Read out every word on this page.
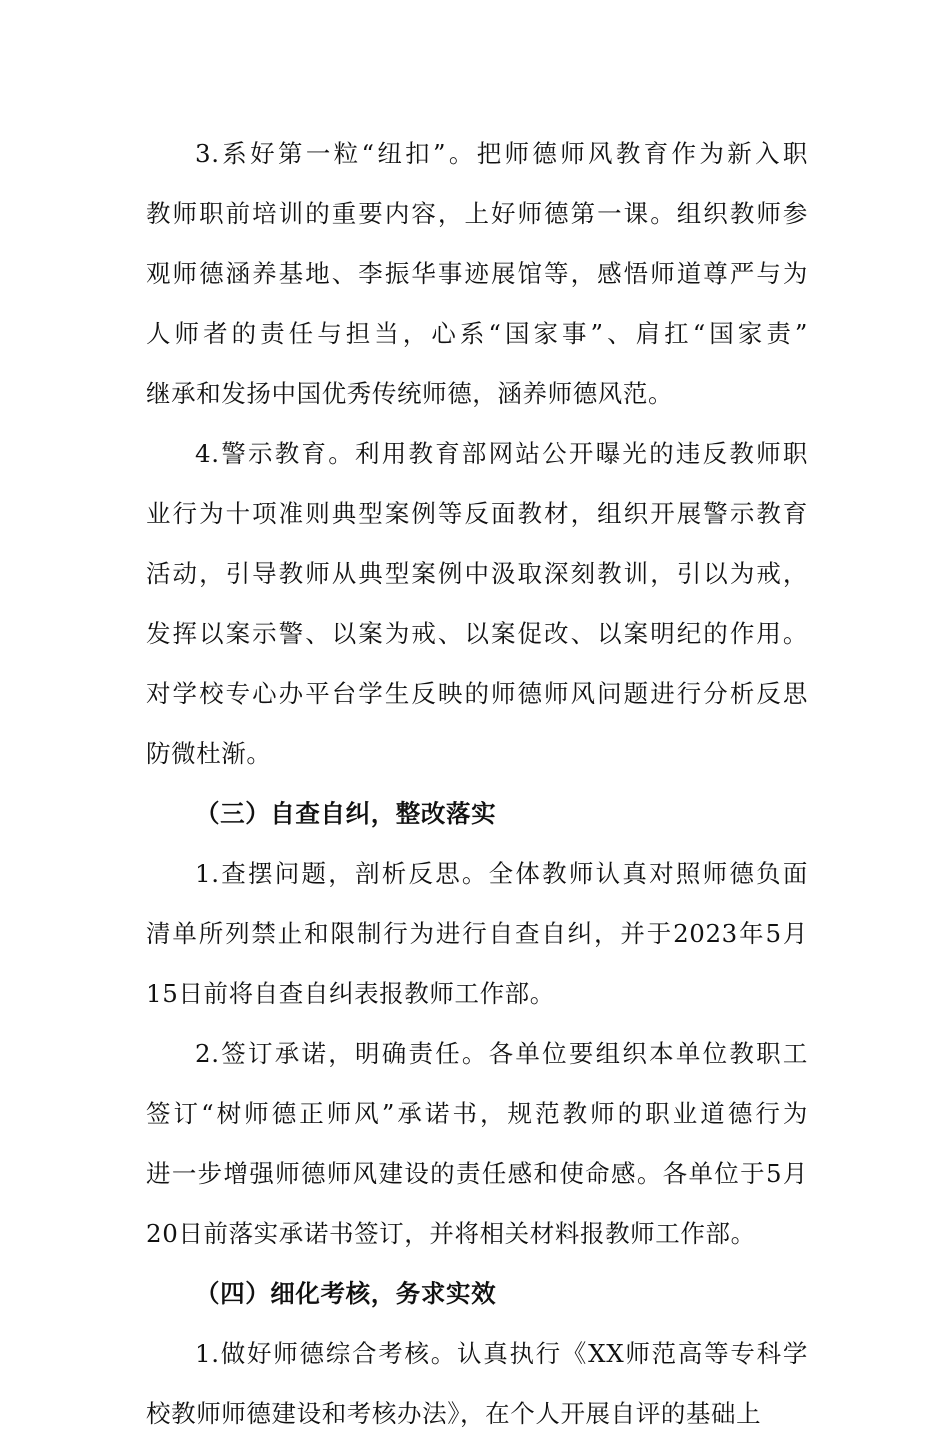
3.系好第一粒“纽扣”。把师德师风教育作为新入职
教师职前培训的重要内容，上好师德第一课。组织教师参
观师德涵养基地、李振华事迹展馆等，感悟师道尊严与为
人师者的责任与担当，心系“国家事”、肩扛“国家责”
继承和发扬中国优秀传统师德，涵养师德风范。
4.警示教育。利用教育部网站公开曝光的违反教师职
业行为十项准则典型案例等反面教材，组织开展警示教育
活动，引导教师从典型案例中汲取深刻教训，引以为戒，
发挥以案示警、以案为戒、以案促改、以案明纪的作用。
对学校专心办平台学生反映的师德师风问题进行分析反思
防微杜渐。
（三）自查自纠，整改落实
1.查摆问题，剖析反思。全体教师认真对照师德负面
清单所列禁止和限制行为进行自查自纠，并于2023年5月
15日前将自查自纠表报教师工作部。
2.签订承诺，明确责任。各单位要组织本单位教职工
签订“树师德正师风”承诺书，规范教师的职业道德行为
进一步增强师德师风建设的责任感和使命感。各单位于5月
20日前落实承诺书签订，并将相关材料报教师工作部。
（四）细化考核，务求实效
1.做好师德综合考核。认真执行《XX师范高等专科学
校教师师德建设和考核办法》，在个人开展自评的基础上
